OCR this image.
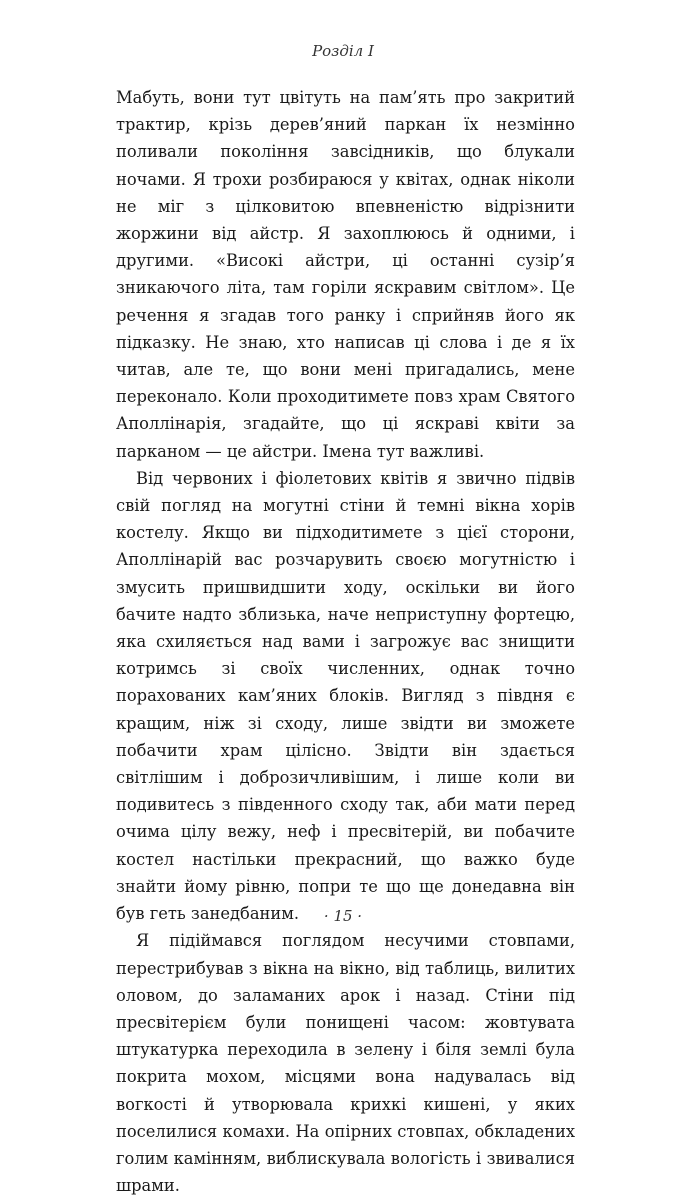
Розділ I

Мабуть, вони тут цвітуть на пам’ять про закритий трактир, крізь дерев’яний паркан їх незмінно поливали покоління завсідників, що блукали ночами. Я трохи розбираюся у квітах, однак ніколи не міг з цілковитою впевненістю відрізнити жоржини від айстр. Я захоплююсь й одними, і другими. «Високі айстри, ці останні сузір’я зникаючого літа, там горіли яскравим світлом». Це речення я згадав того ранку і сприйняв його як підказку. Не знаю, хто написав ці слова і де я їх читав, але те, що вони мені пригадались, мене переконало. Коли проходитимете повз храм Святого Аполлінарія, згадайте, що ці яскраві квіти за парканом — це айстри. Імена тут важливі.

Від червоних і фіолетових квітів я звично підвів свій погляд на могутні стіни й темні вікна хорів костелу. Якщо ви підходитимете з цієї сторони, Аполлінарій вас розчарувить своєю могутністю і змусить пришвидшити ходу, оскільки ви його бачите надто зблизька, наче неприступну фортецю, яка схиляється над вами і загрожує вас знищити котримсь зі своїх численних, однак точно порахованих кам’яних блоків. Вигляд з півдня є кращим, ніж зі сходу, лише звідти ви зможете побачити храм цілісно. Звідти він здається світлішим і доброзичливішим, і лише коли ви подивитесь з південного сходу так, аби мати перед очима цілу вежу, неф і пресвітерій, ви побачите костел настільки прекрасний, що важко буде знайти йому рівню, попри те що ще донедавна він був геть занедбаним.

Я підіймався поглядом несучими стовпами, перестрибував з вікна на вікно, від таблиць, вилитих оловом, до заламаних арок і назад. Стіни під пресвітерієм були понищені часом: жовтувата штукатурка переходила в зелену і біля землі була покрита мохом, місцями вона надувалась від вогкості й утворювала крихкі кишені, у яких поселилися комахи. На опірних стовпах, обкладених голим камінням, виблискувала вологість і звивалися шрами.

· 15 ·
